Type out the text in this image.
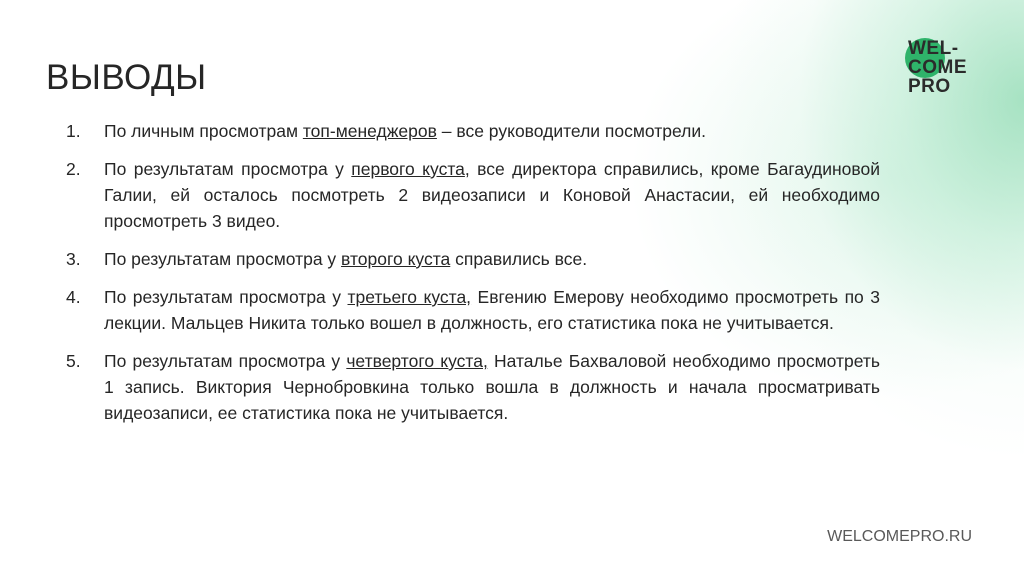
WEL-
COME
PRO
ВЫВОДЫ
1.	По личным просмотрам топ-менеджеров – все руководители посмотрели.
2.	По результатам просмотра у первого куста, все директора справились, кроме Багаудиновой Галии, ей осталось посмотреть 2 видеозаписи и Коновой Анастасии, ей необходимо просмотреть 3 видео.
3.	По результатам просмотра у второго куста справились все.
4.	По результатам просмотра у третьего куста, Евгению Емерову необходимо просмотреть по 3 лекции. Мальцев Никита только вошел в должность, его статистика пока не учитывается.
5.	По результатам просмотра у четвертого куста, Наталье Бахваловой необходимо просмотреть 1 запись. Виктория Чернобровкина только вошла в должность и начала просматривать видеозаписи, ее статистика пока не учитывается.
WELCOMEPRO.RU
